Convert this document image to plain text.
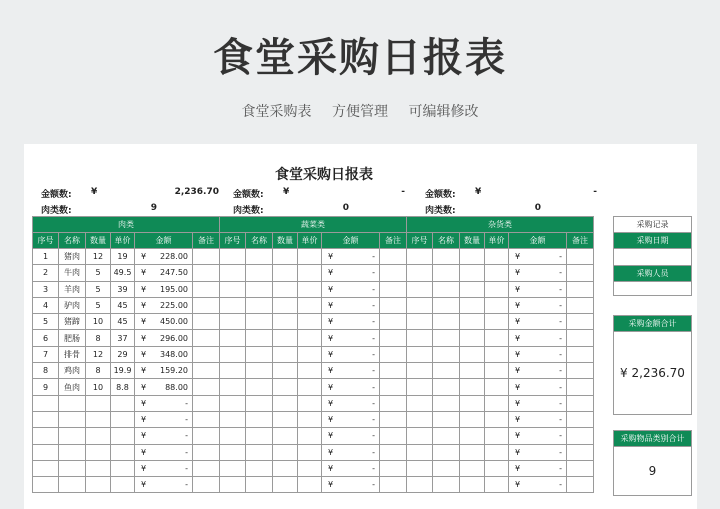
食堂采购日报表
食堂采购表 方便管理 可编辑修改
食堂采购日报表
金额数: ¥	2,236.70
肉类数:	9
金额数: ¥	-
肉类数:	0
金额数: ¥	-
肉类数:	0
肉类						蔬菜类						杂货类					
序号	名称	数量	单价	金额	备注	序号	名称	数量	单价	金额	备注	序号	名称	数量	单价	金额	备注
1	猪肉	12	19	¥ 228.00						¥ -						¥ -	

2	牛肉	5	49.5	¥ 247.50						¥ -						¥ -	

3	羊肉	5	39	¥ 195.00						¥ -						¥ -	

4	驴肉	5	45	¥ 225.00						¥ -						¥ -	

5	猪蹄	10	45	¥ 450.00						¥ -						¥ -	

6	肥肠	8	37	¥ 296.00						¥ -						¥ -	

7	排骨	12	29	¥ 348.00						¥ -						¥ -	

8	鸡肉	8	19.9	¥ 159.20						¥ -						¥ -	

9	鱼肉	10	8.8	¥ 88.00						¥ -						¥ -	

				¥ -						¥ -						¥ -	

				¥ -						¥ -						¥ -	

				¥ -						¥ -						¥ -	

				¥ -						¥ -						¥ -	

				¥ -						¥ -						¥ -	

				¥ -						¥ -						¥ -	

采购记录
采购日期
采购人员
采购金额合计
¥ 2,236.70
采购物品类别合计
9
